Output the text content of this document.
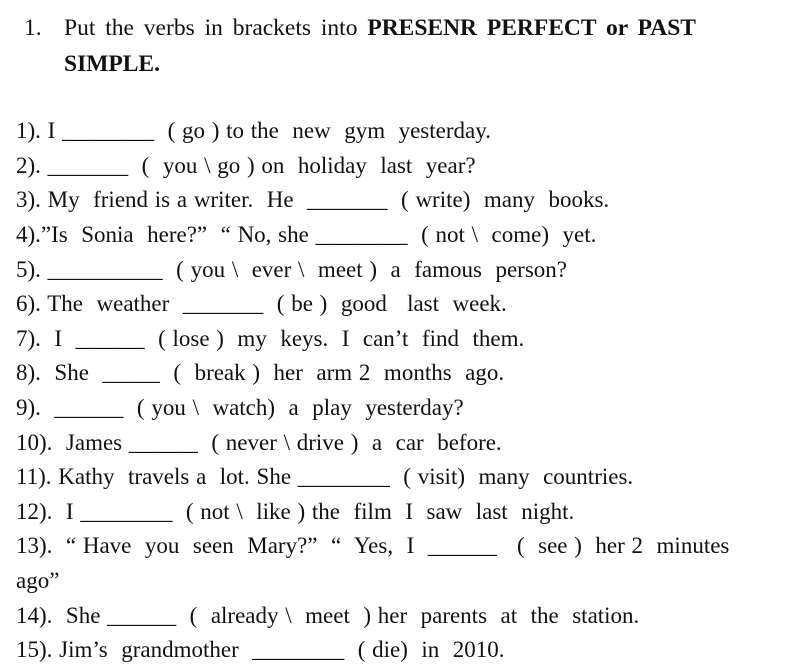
1. Put the verbs in brackets into PRESENR PERFECT or PAST
SIMPLE.
1). I ________  ( go ) to the  new  gym  yesterday.
2). _______  (  you \ go ) on  holiday  last  year?
3). My  friend is a writer.  He  _______  ( write)  many  books.
4).”Is  Sonia  here?”  “ No, she ________  ( not \  come)  yet.
5). __________  ( you \  ever \  meet )  a  famous  person?
6). The  weather  _______  ( be )  good   last  week.
7).  I  ______  ( lose )  my  keys.  I  can’t  find  them.
8).  She  _____  (  break )  her  arm 2  months  ago.
9).  ______  ( you \  watch)  a  play  yesterday?
10).  James ______  ( never \ drive )  a  car  before.
11). Kathy  travels a  lot. She ________  ( visit)  many  countries.
12).  I ________  ( not \  like ) the  film  I  saw  last  night.
13).  “ Have  you  seen  Mary?”  “  Yes,  I  ______   (  see )  her 2  minutes
ago”
14).  She ______  (  already \  meet  ) her  parents  at  the  station.
15). Jim’s  grandmother  ________  ( die)  in  2010.
